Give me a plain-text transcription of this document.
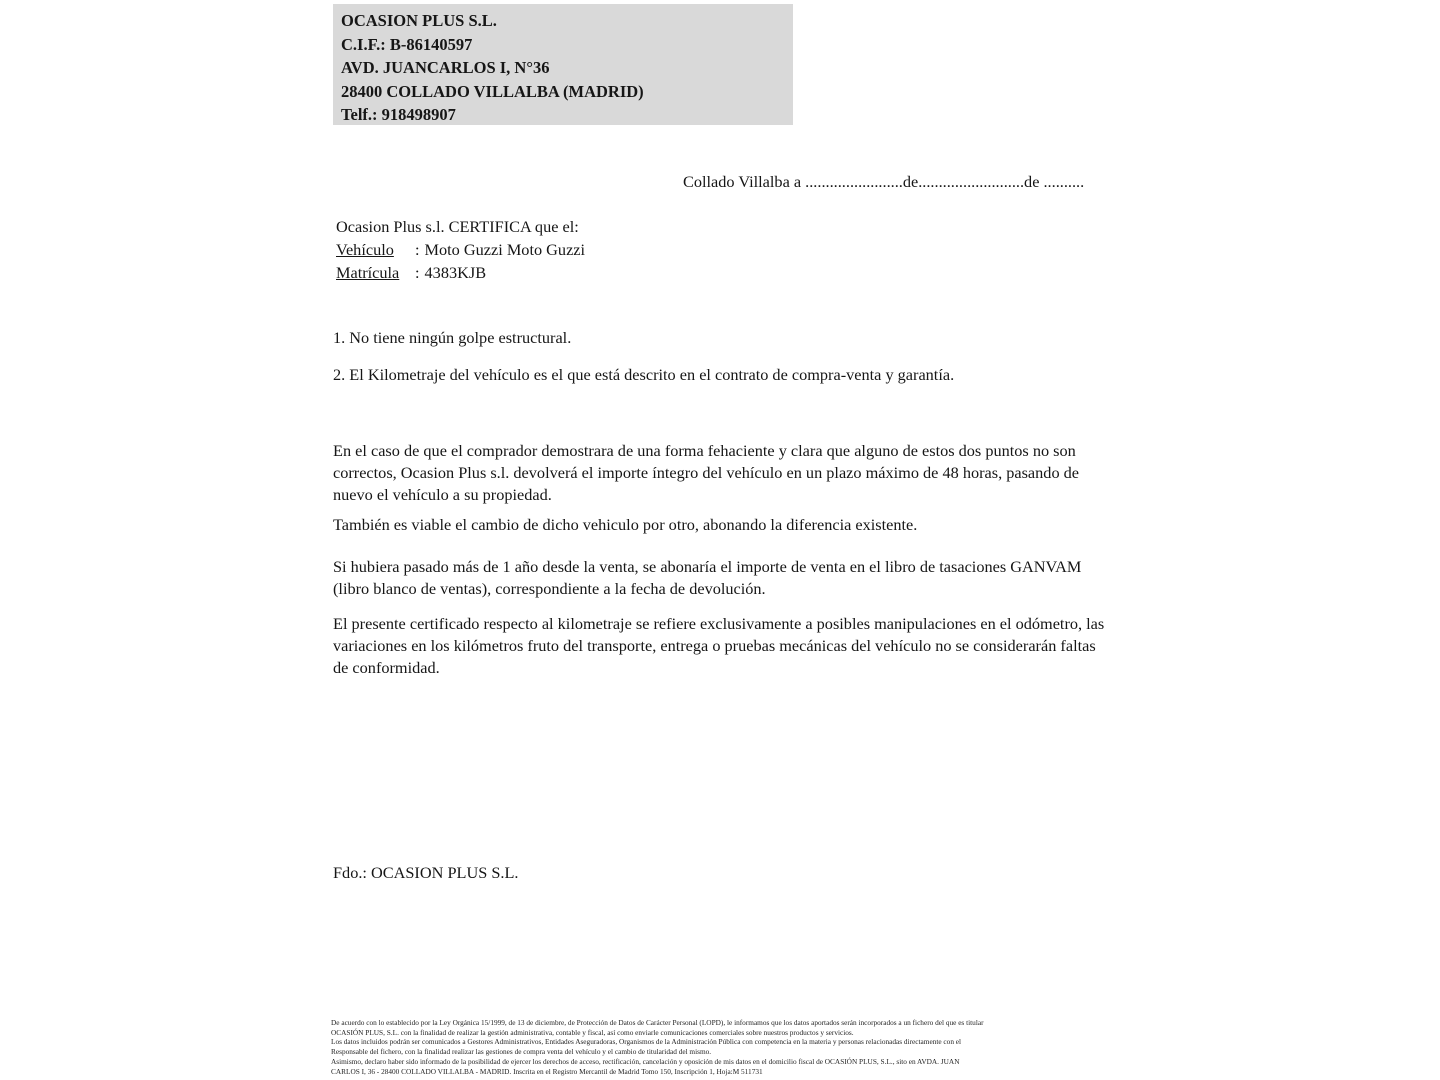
OCASION PLUS S.L.
C.I.F.: B-86140597
AVD. JUANCARLOS I, N°36
28400 COLLADO VILLALBA (MADRID)
Telf.: 918498907
Collado Villalba a ........................de..........................de ..........
Ocasion Plus s.l. CERTIFICA que el:
Vehículo : Moto Guzzi Moto Guzzi
Matrícula : 4383KJB

1. No tiene ningún golpe estructural.

2. El Kilometraje del vehículo es el que está descrito en el contrato de compra-venta y garantía.

En el caso de que el comprador demostrara de una forma fehaciente y clara que alguno de estos dos puntos no son correctos, Ocasion Plus s.l. devolverá el importe íntegro del vehículo en un plazo máximo de 48 horas, pasando de nuevo el vehículo a su propiedad.

También es viable el cambio de dicho vehiculo por otro, abonando la diferencia existente.

Si hubiera pasado más de 1 año desde la venta, se abonaría el importe de venta en el libro de tasaciones GANVAM (libro blanco de ventas), correspondiente a la fecha de devolución.

El presente certificado respecto al kilometraje se refiere exclusivamente a posibles manipulaciones en el odómetro, las variaciones en los kilómetros fruto del transporte, entrega o pruebas mecánicas del vehículo no se considerarán faltas de conformidad.

Fdo.: OCASION PLUS S.L.
De acuerdo con lo establecido por la Ley Orgánica 15/1999, de 13 de diciembre, de Protección de Datos de Carácter Personal (LOPD), le informamos que los datos aportados serán incorporados a un fichero del que es titular
OCASIÓN PLUS, S.L. con la finalidad de realizar la gestión administrativa, contable y fiscal, así como enviarle comunicaciones comerciales sobre nuestros productos y servicios.
Los datos incluidos podrán ser comunicados a Gestores Administrativos, Entidades Aseguradoras, Organismos de la Administración Pública con competencia en la materia y personas relacionadas directamente con el
Responsable del fichero, con la finalidad realizar las gestiones de compra venta del vehículo y el cambio de titularidad del mismo.
Asimismo, declaro haber sido informado de la posibilidad de ejercer los derechos de acceso, rectificación, cancelación y oposición de mis datos en el domicilio fiscal de OCASIÓN PLUS, S.L., sito en AVDA. JUAN
CARLOS I, 36 - 28400 COLLADO VILLALBA - MADRID. Inscrita en el Registro Mercantil de Madrid Tomo 150, Inscripción 1, Hoja:M 511731
